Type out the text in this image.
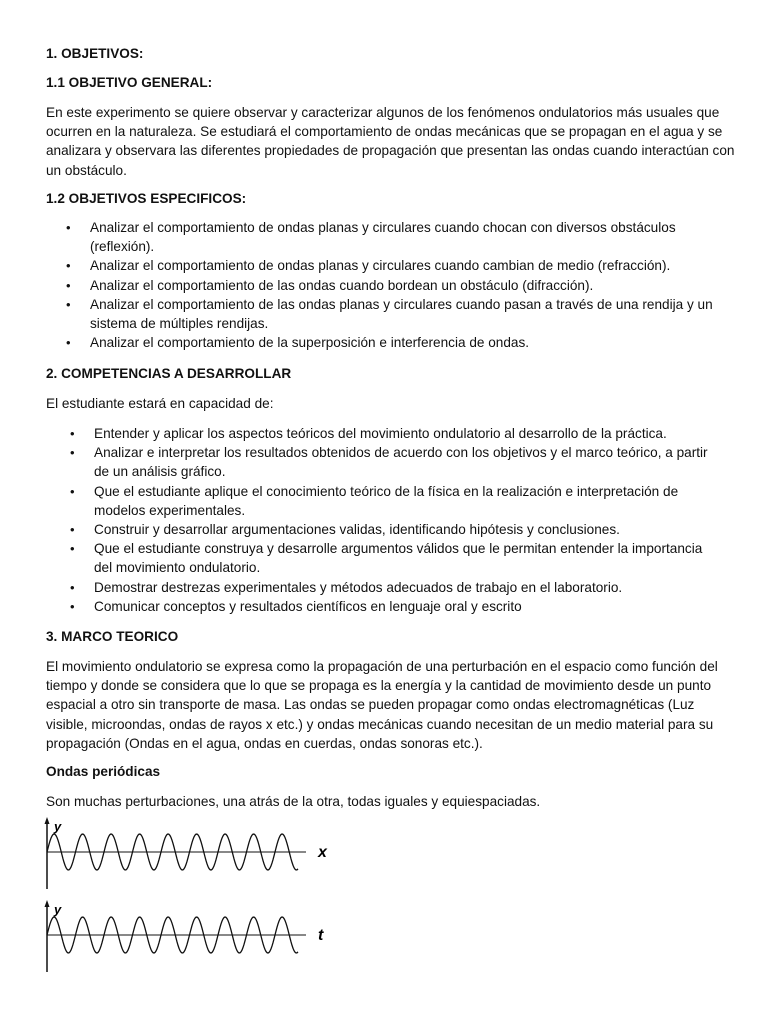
1. OBJETIVOS:
1.1 OBJETIVO GENERAL:

En este experimento se quiere observar y caracterizar algunos de los fenómenos ondulatorios más usuales que ocurren en la naturaleza. Se estudiará el comportamiento de ondas mecánicas que se propagan en el agua y se analizara y observara las diferentes propiedades de propagación que presentan las ondas cuando interactúan con un obstáculo.

1.2 OBJETIVOS ESPECIFICOS:
• Analizar el comportamiento de ondas planas y circulares cuando chocan con diversos obstáculos (reflexión).
• Analizar el comportamiento de ondas planas y circulares cuando cambian de medio (refracción).
• Analizar el comportamiento de las ondas cuando bordean un obstáculo (difracción).
• Analizar el comportamiento de las ondas planas y circulares cuando pasan a través de una rendija y un sistema de múltiples rendijas.
• Analizar el comportamiento de la superposición e interferencia de ondas.
2. COMPETENCIAS A DESARROLLAR

El estudiante estará en capacidad de:

• Entender y aplicar los aspectos teóricos del movimiento ondulatorio al desarrollo de la práctica.
• Analizar e interpretar los resultados obtenidos de acuerdo con los objetivos y el marco teórico, a partir de un análisis gráfico.
• Que el estudiante aplique el conocimiento teórico de la física en la realización e interpretación de modelos experimentales.
• Construir y desarrollar argumentaciones validas, identificando hipótesis y conclusiones.
• Que el estudiante construya y desarrolle argumentos válidos que le permitan entender la importancia del movimiento ondulatorio.
• Demostrar destrezas experimentales y métodos adecuados de trabajo en el laboratorio.
• Comunicar conceptos y resultados científicos en lenguaje oral y escrito
3. MARCO TEORICO

El movimiento ondulatorio se expresa como la propagación de una perturbación en el espacio como función del tiempo y donde se considera que lo que se propaga es la energía y la cantidad de movimiento desde un punto espacial a otro sin transporte de masa. Las ondas se pueden propagar como ondas electromagnéticas (Luz visible, microondas, ondas de rayos x etc.) y ondas mecánicas cuando necesitan de un medio material para su propagación (Ondas en el agua, ondas en cuerdas, ondas sonoras etc.).

Ondas periódicas

Son muchas perturbaciones, una atrás de la otra, todas iguales y equiespaciadas.

y
x
y
t
